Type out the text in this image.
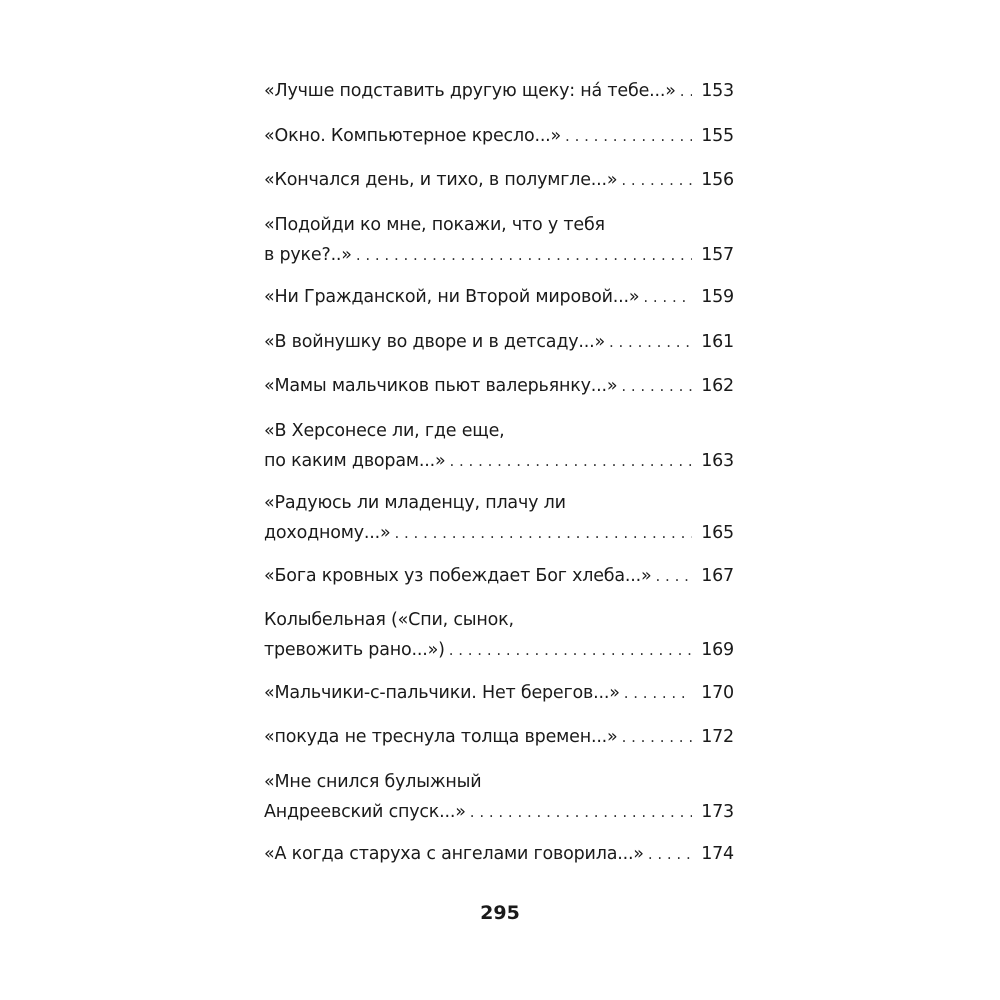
«Лучше подставить другую щеку: на́ тебе...» . . . 153
«Окно. Компьютерное кресло...» . . .	155
«Кончался день, и тихо, в полумгле...» . . .	156
«Подойди ко мне, покажи, что у тебя
в руке?..» . . .	157
«Ни Гражданской, ни Второй мировой...» . . .	159
«В войнушку во дворе и в детсаду...» . . .	161
«Мамы мальчиков пьют валерьянку...» . . .	162
«В Херсонесе ли, где еще,
по каким дворам...» . . .	163
«Радуюсь ли младенцу, плачу ли
доходному...» . . .	165
«Бога кровных уз побеждает Бог хлеба...» . . .	167
Колыбельная («Спи, сынок,
тревожить рано...») . . .	169
«Мальчики-с-пальчики. Нет берегов...» . . .	170
«покуда не треснула толща времен...» . . .	172
«Мне снился булыжный
Андреевский спуск...» . . .	173
«А когда старуха с ангелами говорила...» . . .	174
295
